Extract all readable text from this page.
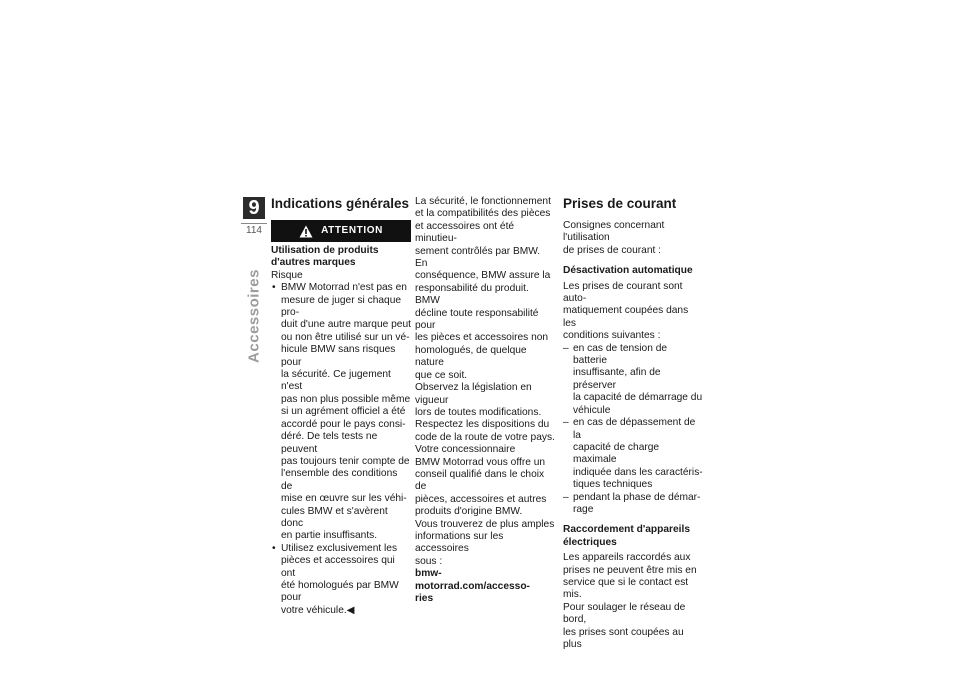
9
114
Accessoires
Indications générales
ATTENTION
Utilisation de produits d'autres marques

Risque

• BMW Motorrad n'est pas en
mesure de juger si chaque pro-
duit d'une autre marque peut
ou non être utilisé sur un vé-
hicule BMW sans risques pour
la sécurité. Ce jugement n'est
pas non plus possible même
si un agrément officiel a été
accordé pour le pays consi-
déré. De tels tests ne peuvent
pas toujours tenir compte de
l'ensemble des conditions de
mise en œuvre sur les véhi-
cules BMW et s'avèrent donc
en partie insuffisants.
• Utilisez exclusivement les
pièces et accessoires qui ont
été homologués par BMW pour
votre véhicule.◀

La sécurité, le fonctionnement
et la compatibilités des pièces
et accessoires ont été minutieu-
sement contrôlés par BMW. En
conséquence, BMW assure la
responsabilité du produit. BMW
décline toute responsabilité pour
les pièces et accessoires non
homologués, de quelque nature
que ce soit.

Observez la législation en vigueur
lors de toutes modifications.
Respectez les dispositions du
code de la route de votre pays.

Votre concessionnaire
BMW Motorrad vous offre un
conseil qualifié dans le choix de
pièces, accessoires et autres
produits d'origine BMW.

Vous trouverez de plus amples
informations sur les accessoires
sous :

bmw-motorrad.com/accesso-
ries

Prises de courant

Consignes concernant l'utilisation
de prises de courant :

Désactivation automatique

Les prises de courant sont auto-
matiquement coupées dans les
conditions suivantes :

– en cas de tension de batterie
insuffisante, afin de préserver
la capacité de démarrage du
véhicule
– en cas de dépassement de la
capacité de charge maximale
indiquée dans les caractéris-
tiques techniques
– pendant la phase de démar-
rage
Raccordement d'appareils
électriques

Les appareils raccordés aux
prises ne peuvent être mis en
service que si le contact est mis.
Pour soulager le réseau de bord,
les prises sont coupées au plus
